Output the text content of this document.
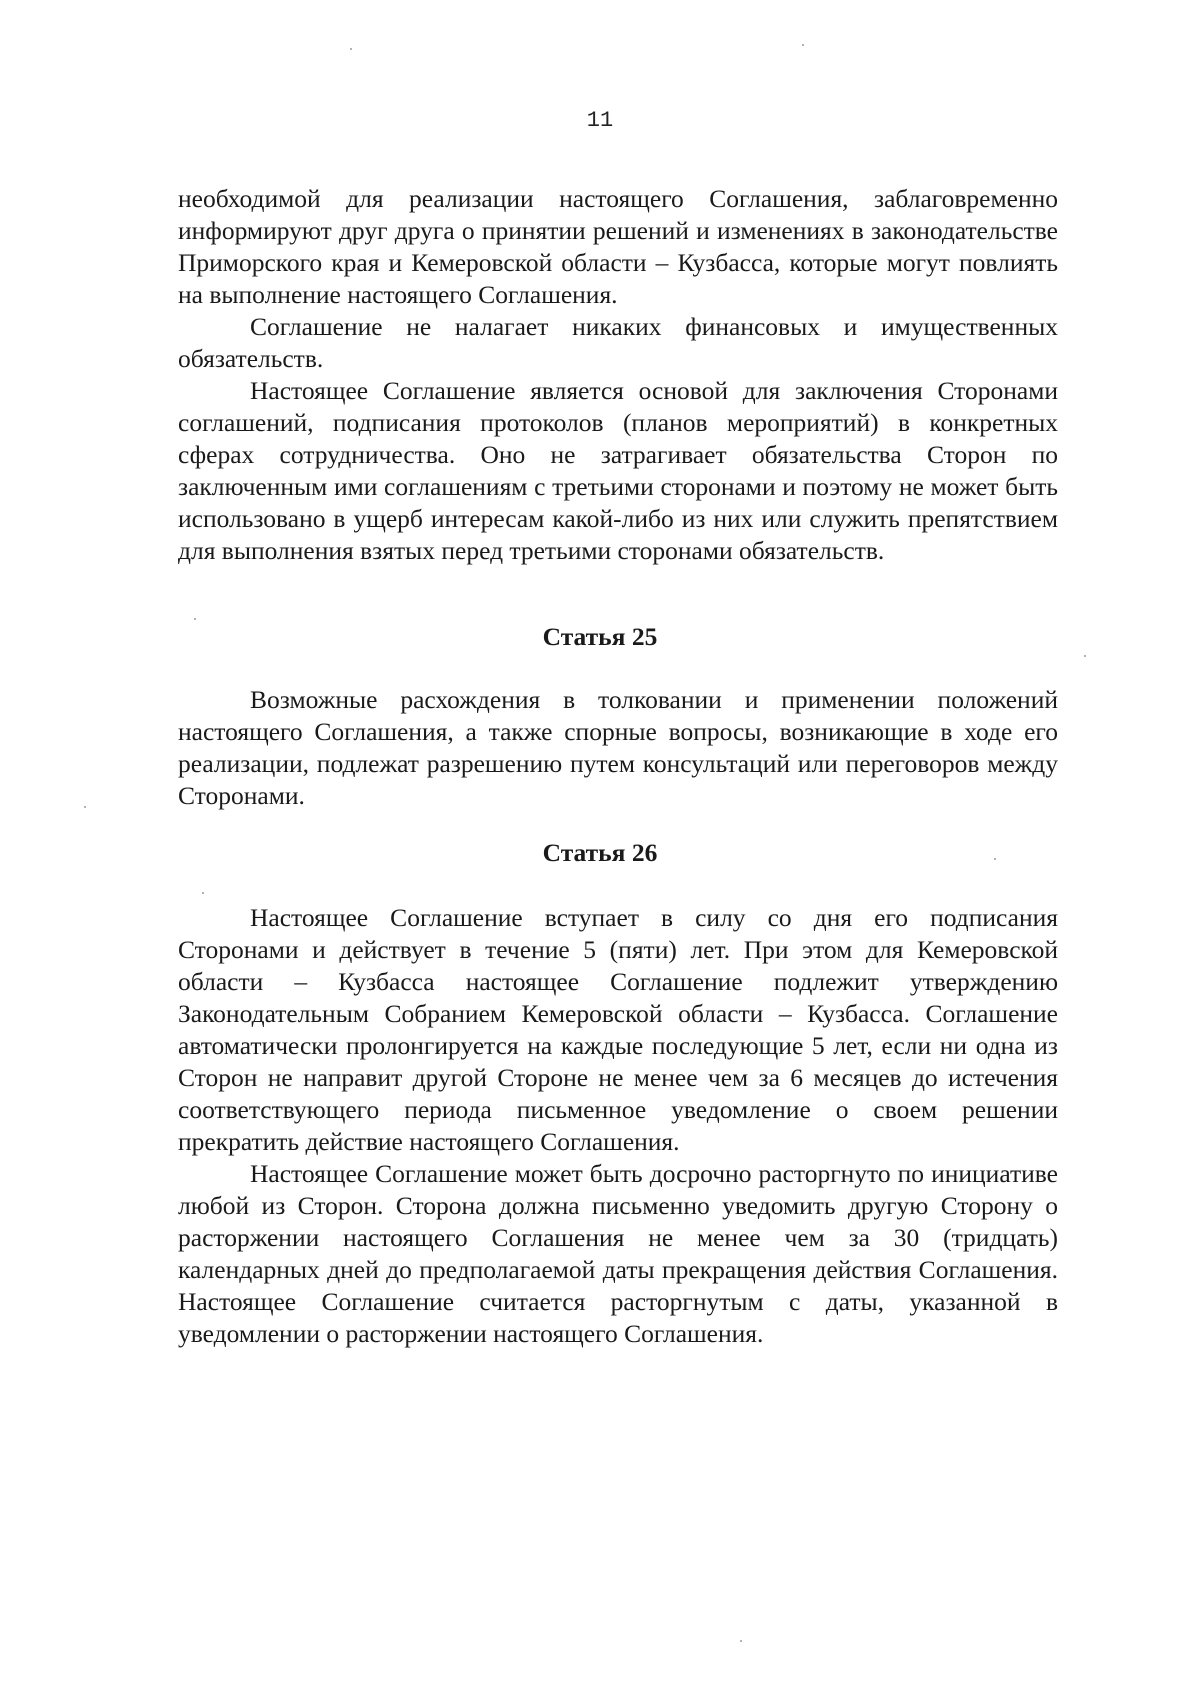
11

необходимой для реализации настоящего Соглашения, заблаговременно информируют друг друга о принятии решений и изменениях в законодательстве Приморского края и Кемеровской области – Кузбасса, которые могут повлиять на выполнение настоящего Соглашения.

Соглашение не налагает никаких финансовых и имущественных обязательств.

Настоящее Соглашение является основой для заключения Сторонами соглашений, подписания протоколов (планов мероприятий) в конкретных сферах сотрудничества. Оно не затрагивает обязательства Сторон по заключенным ими соглашениям с третьими сторонами и поэтому не может быть использовано в ущерб интересам какой-либо из них или служить препятствием для выполнения взятых перед третьими сторонами обязательств.

Статья 25

Возможные расхождения в толковании и применении положений настоящего Соглашения, а также спорные вопросы, возникающие в ходе его реализации, подлежат разрешению путем консультаций или переговоров между Сторонами.

Статья 26

Настоящее Соглашение вступает в силу со дня его подписания Сторонами и действует в течение 5 (пяти) лет. При этом для Кемеровской области – Кузбасса настоящее Соглашение подлежит утверждению Законодательным Собранием Кемеровской области – Кузбасса. Соглашение автоматически пролонгируется на каждые последующие 5 лет, если ни одна из Сторон не направит другой Стороне не менее чем за 6 месяцев до истечения соответствующего периода письменное уведомление о своем решении прекратить действие настоящего Соглашения.

Настоящее Соглашение может быть досрочно расторгнуто по инициативе любой из Сторон. Сторона должна письменно уведомить другую Сторону о расторжении настоящего Соглашения не менее чем за 30 (тридцать) календарных дней до предполагаемой даты прекращения действия Соглашения. Настоящее Соглашение считается расторгнутым с даты, указанной в уведомлении о расторжении настоящего Соглашения.
